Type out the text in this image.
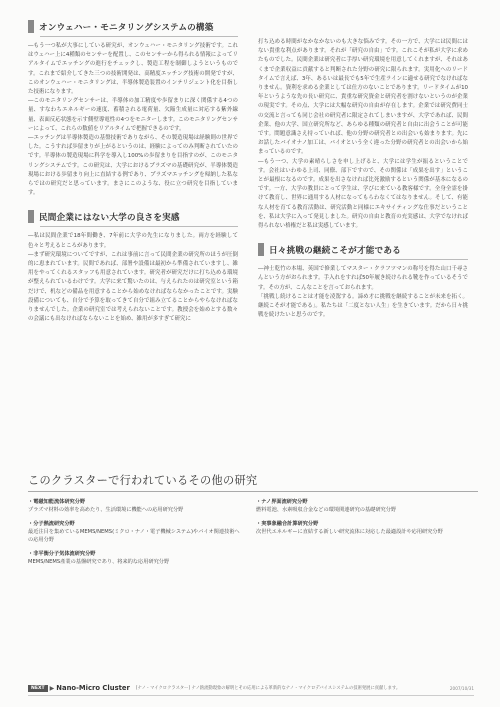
オンウェハー・モニタリングシステムの構築

―もう一つ私が大事にしている研究が、オンウェハー・モニタリング技術です。これはウェハー上に4種類のセンサーを配置し、このセンサーから得られる情報によってリアルタイムでエッチングの進行をチェックし、製造工程を制御しようというものです。これまで紹介してきた三つの技術開発は、高精度エッチング技術の開発ですが、このオンウェハー・モニタリングは、半導体製造装置のインテリジェント化を目指した技術になります。

―このモニタリングセンサーは、半導体の加工精度や歩留まりに深く関係する4つの量、すなわちエネルギーの速度、蓄積される電荷量、欠陥生成量に対応する紫外線量、表面反応状態を示す側壁導電性の4つをモニターします。このモニタリングセンサーによって、これらの数値をリアルタイムで把握できるのです。

―エッチングは半導体製造の基盤技術でありながら、その製造現場は経験則の世界でした。こうすれば歩留まりが上がるというのは、経験によってのみ判断されていたのです。半導体の製造現場に科学を導入し100%の歩留まりを目指すのが、このモニタリングシステムです。この研究は、大学におけるプラズマの基礎研究が、半導体製造現場における歩留まり向上に直結する例であり、プラズマエッチングを帰納した私ならではの研究だと思っています。まさにこのような、役に立つ研究を目指しています。

民間企業にはない大学の良さを実感

―私は民間企業で18年間働き、7年前に大学の先生になりました。両方を経験して色々と考えるところがあります。

―まず研究環境についてですが、これは事前に言って民間企業の研究所のほうが圧倒的に恵まれています。民間であれば、部署や設備は最初から準備されていますし、雑用をやってくれるスタッフも用意されています。研究者が研究だけに打ち込める環境が整えられているわけです。大学に来て驚いたのは、与えられたのは研究室という箱だけで、机などの備品を用意することから始めなければならなかったことです。実験設備についても、自分で予算を取ってきて自分で組み立てることからやらなければなりませんでした。企業の研究室では考えられないことです。教授会を始めとする数々の会議にも出なければならないことを始め、雑用が多すぎて研究に

打ち込める時間がなかなかないのも大きな悩みです。その一方で、大学には民間にはない貴重な利点があります。それが「研究の自由」です。これこそが私が大学に求めたものでした。民間企業は研究者に手厚い研究環境を用意してくれますが、それはあくまで企業収益に貢献すると判断された分野の研究に限られます。実用化へのリードタイムで言えば、3年、あるいは最長でも5年で生産ラインに適せる研究でなければなりません。資利を求める企業としては仕方のないことであります。リードタイムが10年というような先の長い研究に、貴重な研究資金と研究者を割けないというのが企業の現実です。その点、大学には大幅な研究の自由が存在します。企業では研究費同士の交流と言っても同じ会社の研究者に限定されてしまいますが、大学であれば、民間企業、他の大学、国立研究所など、あらゆる種類の研究者と自由に出会うことが可能です。問題意識さえ持っていれば、他の分野の研究者との出会いも始まります。先にお話したバイオナノ加工は、バイオという全く違った分野の研究者との出会いから始まっているのです。

―もう一つ、大学の素晴らしさを申し上げると、大学には学生が振るということです。会社はいわゆる上司、同僚、部下ですので、その関係は「成果を出す」ということが最根になるのです。成果を出さなければ比死激励するという関係が基本になるのです。一方、大学の教員にとって学生は、学びに来ている教客様です。全身全霊を掛けて教育し、世界に通用する人材になってもらわなくてはなりません。そして、有能な人材を育てる教育活動は、研究活動と同様にエキサイティングな仕事だということを、私は大学に入って発見しました。研究の自由と教育の充実感は、大学でなければ得られない格権だと私は実感しています。

日々挑戦の継続こそが才能である

―神士乾竹の本場、英国で修業してマスター・クラフツマンの称号を得た山口千尋さんという方がおられます。手入れをすれば50年履き続けられる靴を作っているそうです。その方が、こんなことを言っておられます。

「挑戦し続けることは才能を凌駕する。諦め才に挑戦を継続することが未来を拓く。継続こそが才能である」。私たちは「二度とない人生」を生きています。だから日々挑戦を続けたいと思うのです。

このクラスターで行われているその他の研究
・電磁知能流体研究分野
プラズマ材料の効率を高めたり、生活環境に機能への応用研究分野
・分子熱流研究分野
最近注目を集めているMEMS/NEMS(ミクロ・ナノ・電子機械システム)やバイオ関連技術への応用分野
・非平衡分子気体流研究分野
MEMS/NEMS產業の基盤研究であり、将来的な応用研究分野
・ナノ界面流研究分野
燃料電池、水素吸収合金などの環境関連研究の基礎研究分野
・実事象融合計算研究分野
次世代エネルギーに直結する新しい研究流体に対応した最適設計や応用研究分野
NEXT ▶ Nano-Micro Cluster [ナノ・マイクロクラスター] ナノ熱流動現象の解明とその応用による革新的なナノ・マイクロデバイスシステムの技術発展に貢献します。	2007/10/31
